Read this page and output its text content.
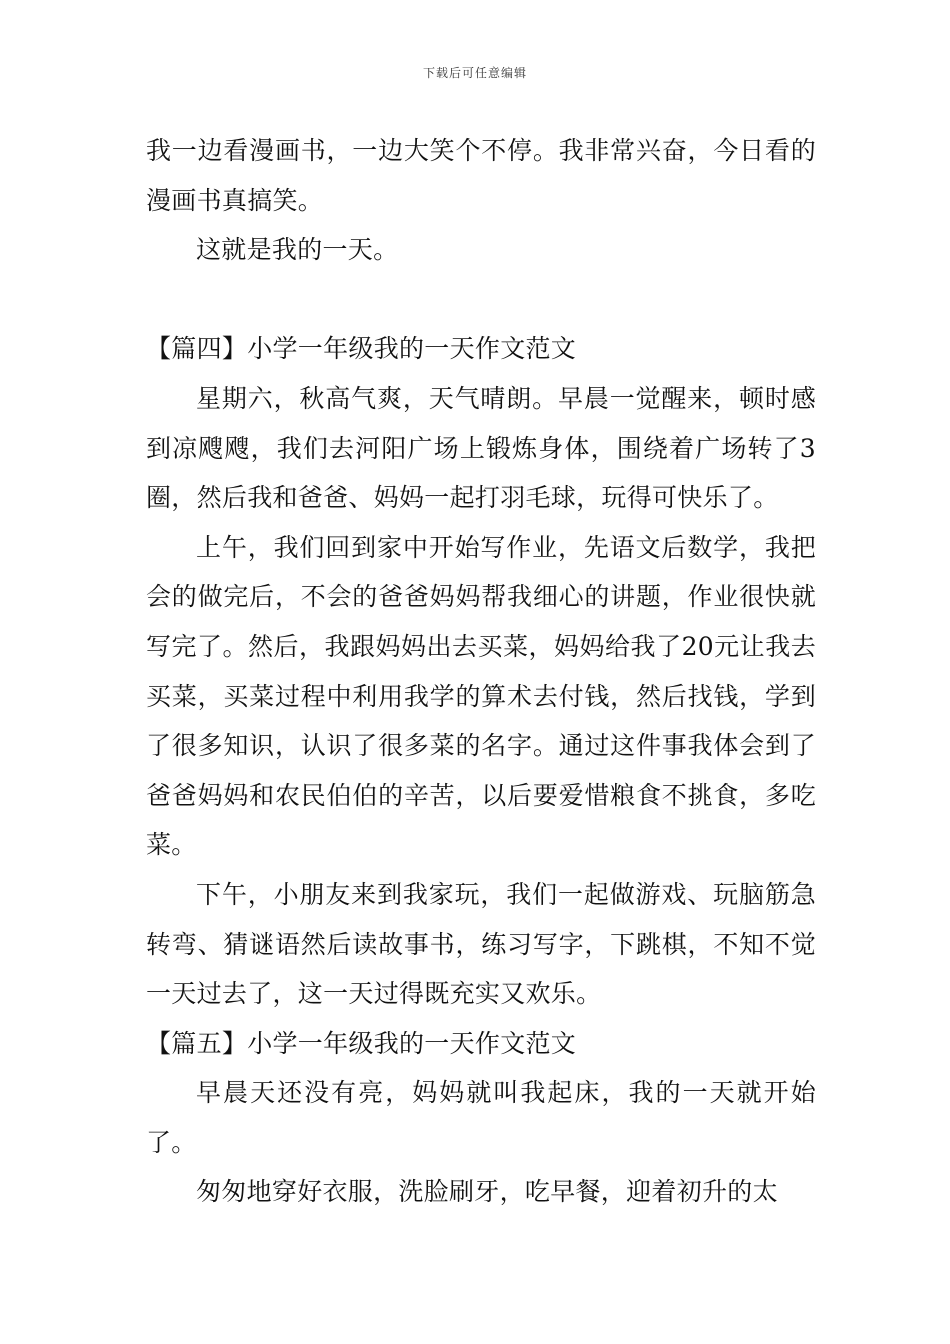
下载后可任意编辑

我一边看漫画书，一边大笑个不停。我非常兴奋，今日看的漫画书真搞笑。

这就是我的一天。

【篇四】小学一年级我的一天作文范文

星期六，秋高气爽，天气晴朗。早晨一觉醒来，顿时感到凉飕飕，我们去河阳广场上锻炼身体，围绕着广场转了3圈，然后我和爸爸、妈妈一起打羽毛球，玩得可快乐了。

上午，我们回到家中开始写作业，先语文后数学，我把会的做完后，不会的爸爸妈妈帮我细心的讲题，作业很快就写完了。然后，我跟妈妈出去买菜，妈妈给我了20元让我去买菜，买菜过程中利用我学的算术去付钱，然后找钱，学到了很多知识，认识了很多菜的名字。通过这件事我体会到了爸爸妈妈和农民伯伯的辛苦，以后要爱惜粮食不挑食，多吃菜。

下午，小朋友来到我家玩，我们一起做游戏、玩脑筋急转弯、猜谜语然后读故事书，练习写字，下跳棋，不知不觉一天过去了，这一天过得既充实又欢乐。

【篇五】小学一年级我的一天作文范文

早晨天还没有亮，妈妈就叫我起床，我的一天就开始了。

匆匆地穿好衣服，洗脸刷牙，吃早餐，迎着初升的太
